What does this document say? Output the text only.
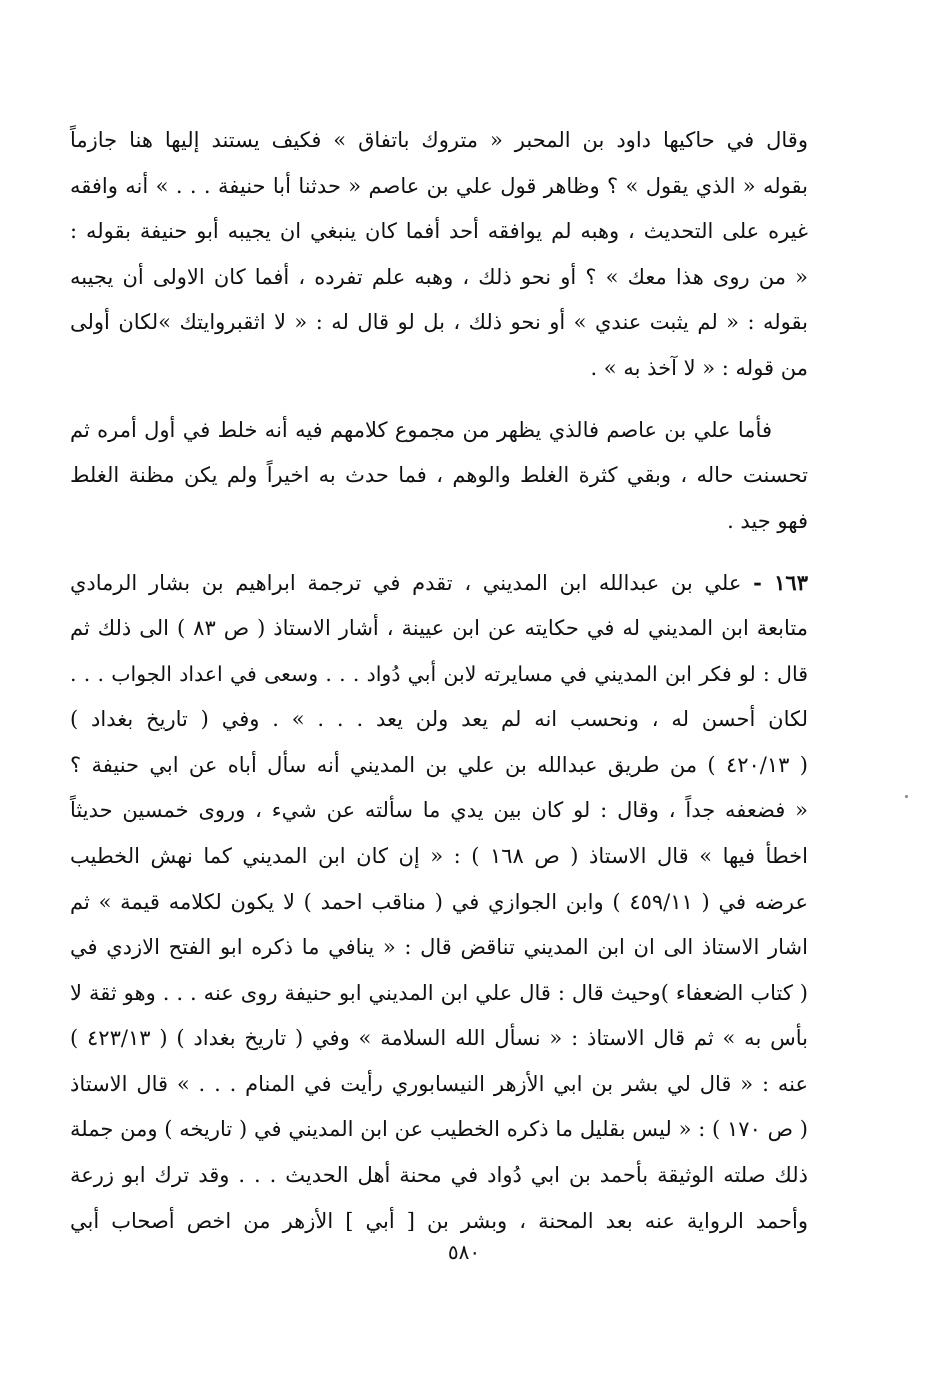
وقال في حاكيها داود بن المحبر « متروك باتفاق » فكيف يستند إليها هنا جازماً
بقوله « الذي يقول » ؟ وظاهر قول علي بن عاصم « حدثنا أبا حنيفة . . . » أنه وافقه
غيره على التحديث ، وهبه لم يوافقه أحد أفما كان ينبغي ان يجيبه أبو حنيفة بقوله :
« من روى هذا معك » ؟ أو نحو ذلك ، وهبه علم تفرده ، أفما كان الاولى أن يجيبه
بقوله : « لم يثبت عندي » أو نحو ذلك ، بل لو قال له : « لا اثقبروايتك »لكان أولى
من قوله : « لا آخذ به » .
فأما علي بن عاصم فالذي يظهر من مجموع كلامهم فيه أنه خلط في أول أمره ثم
تحسنت حاله ، وبقي كثرة الغلط والوهم ، فما حدث به اخيراً ولم يكن مظنة الغلط
فهو جيد .
١٦٣ - علي بن عبدالله ابن المديني ، تقدم في ترجمة ابراهيم بن بشار الرمادي
متابعة ابن المديني له في حكايته عن ابن عيينة ، أشار الاستاذ ( ص ٨٣ ) الى ذلك ثم
قال : لو فكر ابن المديني في مسايرته لابن أبي دُواد . . . وسعى في اعداد الجواب . . .
لكان أحسن له ، ونحسب انه لم يعد ولن يعد . . . » . وفي ( تاريخ بغداد )
( ٤٢٠/١٣ ) من طريق عبدالله بن علي بن المديني أنه سأل أباه عن ابي حنيفة ؟
« فضعفه جداً ، وقال : لو كان بين يدي ما سألته عن شيء ، وروى خمسين حديثاً
اخطأ فيها » قال الاستاذ ( ص ١٦٨ ) : « إن كان ابن المديني كما نهش الخطيب
عرضه في ( ٤٥٩/١١ ) وابن الجوازي في ( مناقب احمد ) لا يكون لكلامه قيمة » ثم
اشار الاستاذ الى ان ابن المديني تناقض قال : « ينافي ما ذكره ابو الفتح الازدي في
( كتاب الضعفاء )وحيث قال : قال علي ابن المديني ابو حنيفة روى عنه . . . وهو ثقة لا
بأس به » ثم قال الاستاذ : « نسأل الله السلامة » وفي ( تاريخ بغداد ) ( ٤٢٣/١٣ )
عنه : « قال لي بشر بن ابي الأزهر النيسابوري رأيت في المنام . . . » قال الاستاذ
( ص ١٧٠ ) : « ليس بقليل ما ذكره الخطيب عن ابن المديني في ( تاريخه ) ومن جملة
ذلك صلته الوثيقة بأحمد بن ابي دُواد في محنة أهل الحديث . . . وقد ترك ابو زرعة
وأحمد الرواية عنه بعد المحنة ، وبشر بن [ أبي ] الأزهر من اخص أصحاب أبي
٥٨٠
